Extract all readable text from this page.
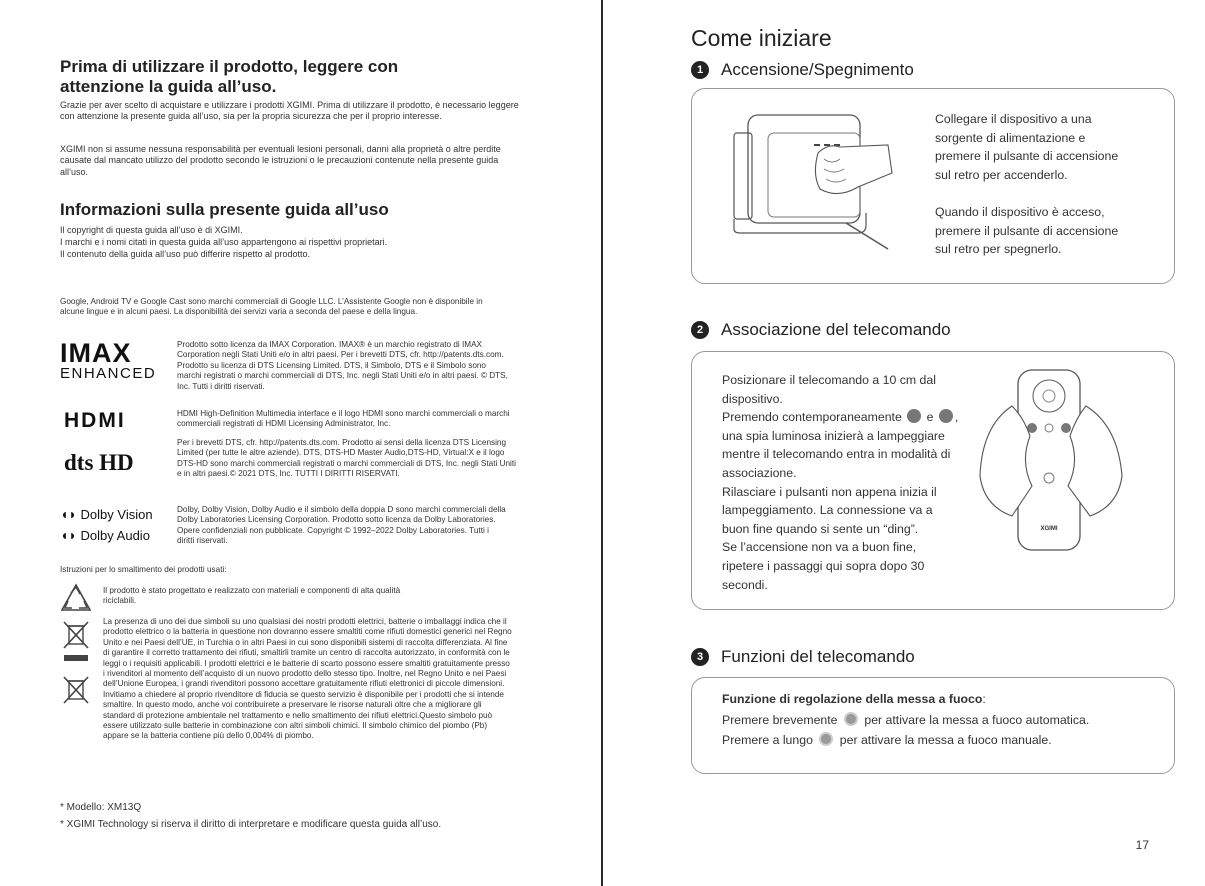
Prima di utilizzare il prodotto, leggere con attenzione la guida all’uso.
Grazie per aver scelto di acquistare e utilizzare i prodotti XGIMI. Prima di utilizzare il prodotto, è necessario leggere con attenzione la presente guida all’uso, sia per la propria sicurezza che per il proprio interesse.
XGIMI non si assume nessuna responsabilità per eventuali lesioni personali, danni alla proprietà o altre perdite causate dal mancato utilizzo del prodotto secondo le istruzioni o le precauzioni contenute nella presente guida all’uso.
Informazioni sulla presente guida all’uso
Il copyright di questa guida all’uso è di XGIMI.
I marchi e i nomi citati in questa guida all’uso appartengono ai rispettivi proprietari.
Il contenuto della guida all’uso può differire rispetto al prodotto.
Google, Android TV e Google Cast sono marchi commerciali di Google LLC. L’Assistente Google non è disponibile in alcune lingue e in alcuni paesi. La disponibilità dei servizi varia a seconda del paese e della lingua.
IMAX
ENHANCED
Prodotto sotto licenza da IMAX Corporation. IMAX® è un marchio registrato di IMAX Corporation negli Stati Uniti e/o in altri paesi. Per i brevetti DTS, cfr. http://patents.dts.com. Prodotto su licenza di DTS Licensing Limited. DTS, il Simbolo, DTS e il Simbolo sono marchi registrati o marchi commerciali di DTS, Inc. negli Stati Uniti e/o in altri paesi. © DTS, Inc. Tutti i diritti riservati.
HDMI	HDMI High-Definition Multimedia interface e il logo HDMI sono marchi commerciali o marchi commerciali registrati di HDMI Licensing Administrator, Inc.
dts HD
Per i brevetti DTS, cfr. http://patents.dts.com. Prodotto ai sensi della licenza DTS Licensing Limited (per tutte le altre aziende). DTS, DTS-HD Master Audio,DTS-HD, Virtual:X e il logo DTS-HD sono marchi commerciali registrati o marchi commerciali di DTS, Inc. negli Stati Uniti e in altri paesi.© 2021 DTS, Inc. TUTTI I DIRITTI RISERVATI.
◖◗ Dolby Vision
◖◗ Dolby Audio
Dolby, Dolby Vision, Dolby Audio e il simbolo della doppia D sono marchi commerciali della Dolby Laboratories Licensing Corporation. Prodotto sotto licenza da Dolby Laboratories. Opere confidenziali non pubblicate. Copyright © 1992–2022 Dolby Laboratories. Tutti i diritti riservati.
Istruzioni per lo smaltimento dei prodotti usati:
Il prodotto è stato progettato e realizzato con materiali e componenti di alta qualità riciclabili.
La presenza di uno dei due simboli su uno qualsiasi dei nostri prodotti elettrici, batterie o imballaggi indica che il prodotto elettrico o la batteria in questione non dovranno essere smaltiti come rifiuti domestici generici nel Regno Unito e nei Paesi dell’UE, in Turchia o in altri Paesi in cui sono disponibili sistemi di raccolta differenziata. Al fine di garantire il corretto trattamento dei rifiuti, smaltirli tramite un centro di raccolta autorizzato, in conformità con le leggi o i requisiti applicabili. I prodotti elettrici e le batterie di scarto possono essere smaltiti gratuitamente presso i rivenditori al momento dell’acquisto di un nuovo prodotto dello stesso tipo. Inoltre, nel Regno Unito e nei Paesi dell’Unione Europea, i grandi rivenditori possono accettare gratuitamente rifiuti elettronici di piccole dimensioni. Invitiamo a chiedere al proprio rivenditore di fiducia se questo servizio è disponibile per i prodotti che si intende smaltire. In questo modo, anche voi contribuirete a preservare le risorse naturali oltre che a migliorare gli standard di protezione ambientale nel trattamento e nello smaltimento dei rifiuti elettrici.Questo simbolo può essere utilizzato sulle batterie in combinazione con altri simboli chimici. Il simbolo chimico del piombo (Pb) appare se la batteria contiene più dello 0,004% di piombo.
* Modello: XM13Q
* XGIMI Technology si riserva il diritto di interpretare e modificare questa guida all’uso.
Come iniziare
1	Accensione/Spegnimento
Collegare il dispositivo a una
sorgente di alimentazione e
premere il pulsante di accensione
sul retro per accenderlo.
Quando il dispositivo è acceso,
premere il pulsante di accensione
sul retro per spegnerlo.
2	Associazione del telecomando
Posizionare il telecomando a 10 cm dal
dispositivo.
Premendo contemporaneamente e ,
una spia luminosa inizierà a lampeggiare
mentre il telecomando entra in modalità di
associazione.
Rilasciare i pulsanti non appena inizia il
lampeggiamento. La connessione va a
buon fine quando si sente un “ding”.
Se l’accensione non va a buon fine,
ripetere i passaggi qui sopra dopo 30
secondi.
XGIMI
3	Funzioni del telecomando
Funzione di regolazione della messa a fuoco:
Premere brevemente per attivare la messa a fuoco automatica.
Premere a lungo per attivare la messa a fuoco manuale.
17
